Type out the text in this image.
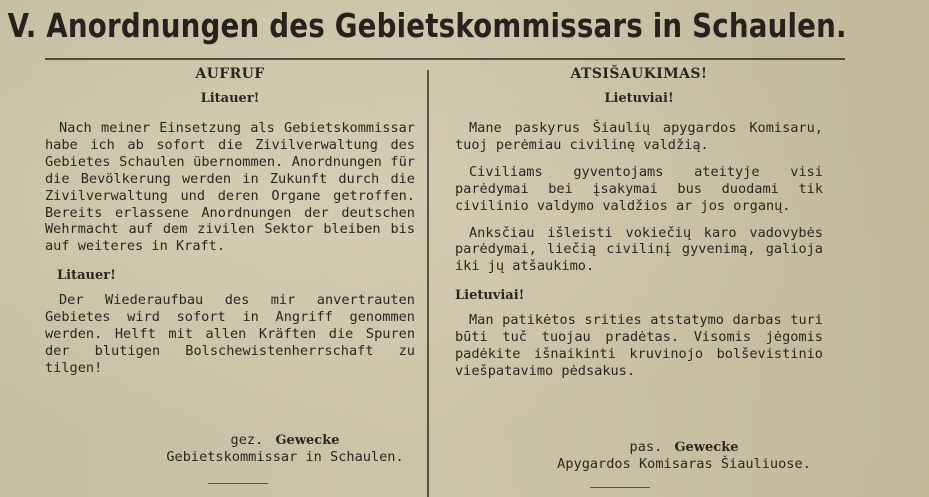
V. Anordnungen des Gebietskommissars in Schaulen.
AUFRUF
Litauer!

Nach meiner Einsetzung als Gebietskommissar habe ich ab sofort die Zivilverwaltung des Gebietes Schaulen übernommen. Anordnungen für die Bevölkerung werden in Zukunft durch die Zivilverwaltung und deren Organe getroffen. Bereits erlassene Anordnungen der deutschen Wehrmacht auf dem zivilen Sektor bleiben bis auf weiteres in Kraft.

Litauer!

Der Wiederaufbau des mir anvertrauten Gebietes wird sofort in Angriff genommen werden. Helft mit allen Kräften die Spuren der blutigen Bolschewistenherrschaft zu tilgen!

gez. Gewecke
Gebietskommissar in Schaulen.
ATSIŠAUKIMAS!
Lietuviai!

Mane paskyrus Šiaulių apygardos Komisaru, tuoj perėmiau civilinę valdžią.

Civiliams gyventojams ateityje visi parėdymai bei įsakymai bus duodami tik civilinio valdymo valdžios ar jos organų.

Anksčiau išleisti vokiečių karo vadovybės parėdymai, liečią civilinį gyvenimą, galioja iki jų atšaukimo.

Lietuviai!

Man patikėtos srities atstatymo darbas turi būti tuč tuojau pradėtas. Visomis jėgomis padėkite išnaikinti kruvinojo bolševistinio viešpatavimo pėdsakus.

pas. Gewecke
Apygardos Komisaras Šiauliuose.
